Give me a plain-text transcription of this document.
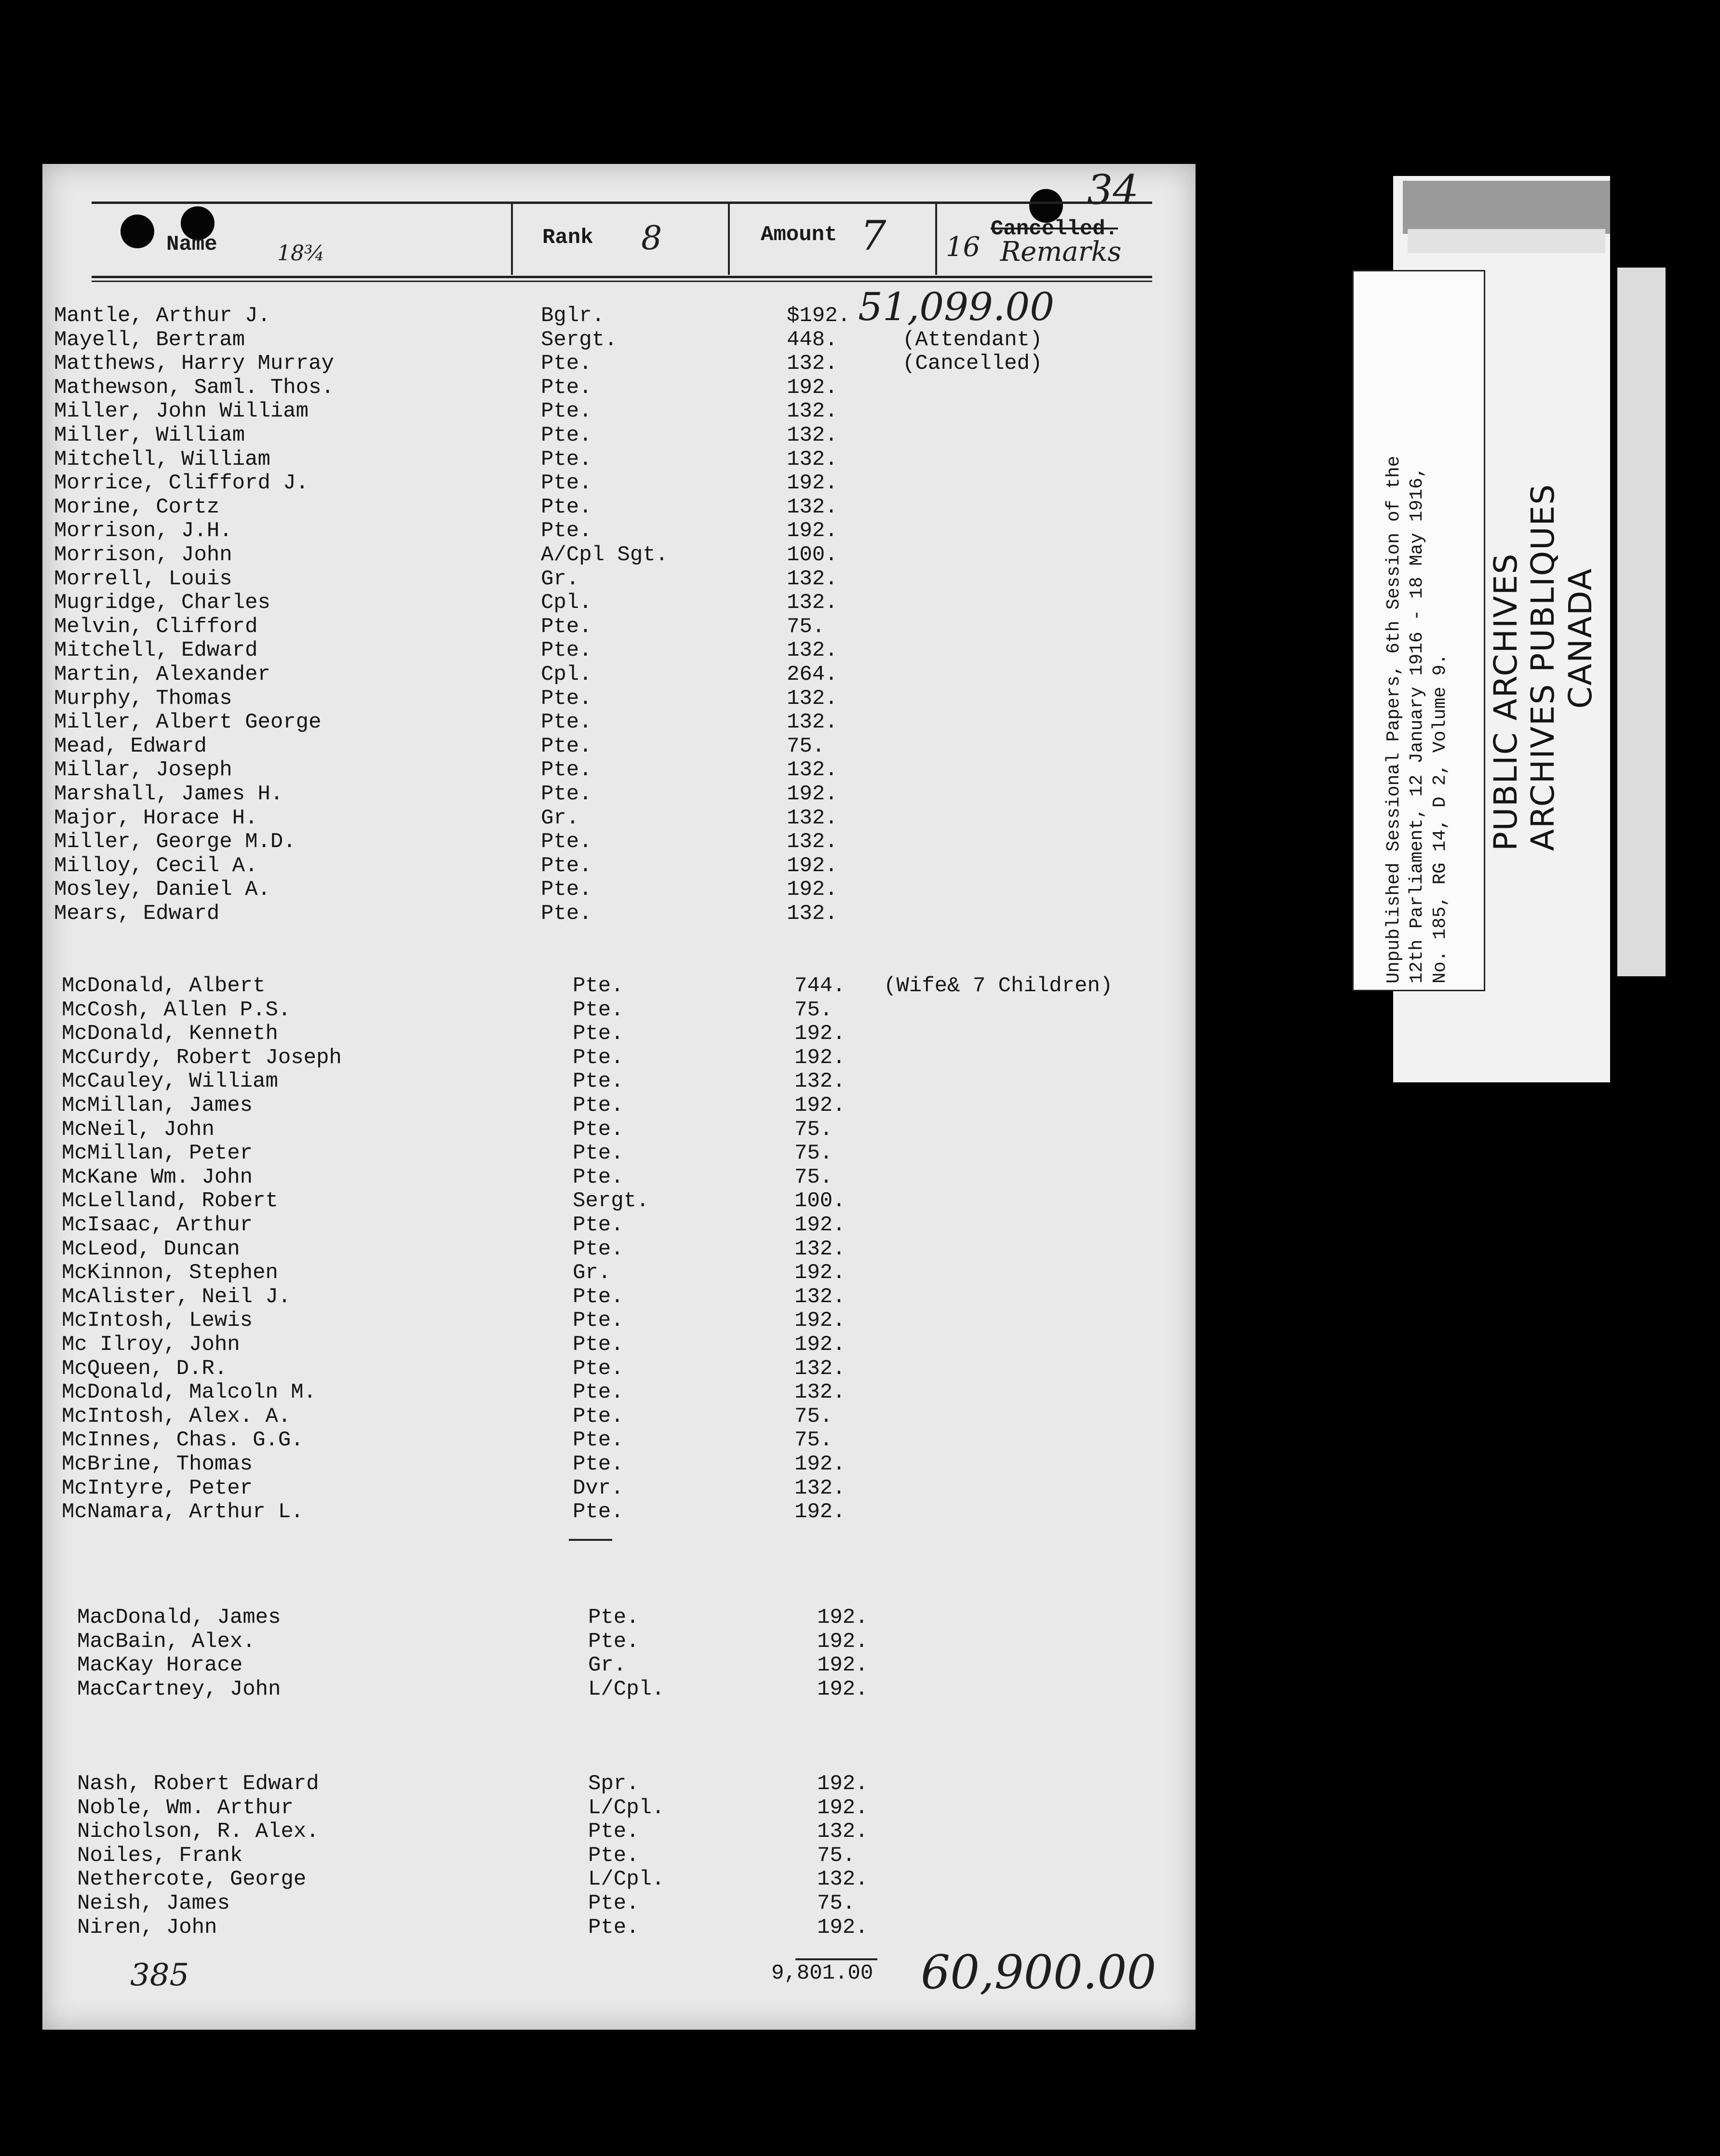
Name	Rank	Amount	Cancelled.
34
Remarks
18¾	8	7 16
51,099.00
60,900.00
385
Mantle, Arthur J.	Bglr.	$192.
Mayell, Bertram	Sergt.	448.	(Attendant)
Matthews, Harry Murray	Pte.	132.	(Cancelled)
Mathewson, Saml. Thos.	Pte.	192.
Miller, John William	Pte.	132.
Miller, William	Pte.	132.
Mitchell, William	Pte.	132.
Morrice, Clifford J.	Pte.	192.
Morine, Cortz	Pte.	132.
Morrison, J.H.	Pte.	192.
Morrison, John	A/Cpl Sgt.	100.
Morrell, Louis	Gr.	132.
Mugridge, Charles	Cpl.	132.
Melvin, Clifford	Pte.	75.
Mitchell, Edward	Pte.	132.
Martin, Alexander	Cpl.	264.
Murphy, Thomas	Pte.	132.
Miller, Albert George	Pte.	132.
Mead, Edward	Pte.	75.
Millar, Joseph	Pte.	132.
Marshall, James H.	Pte.	192.
Major, Horace H.	Gr.	132.
Miller, George M.D.	Pte.	132.
Milloy, Cecil A.	Pte.	192.
Mosley, Daniel A.	Pte.	192.
Mears, Edward	Pte.	132.
McDonald, Albert	Pte.	744. (Wife& 7 Children)
McCosh, Allen P.S.	Pte.	75.
McDonald, Kenneth	Pte.	192.
McCurdy, Robert Joseph	Pte.	192.
McCauley, William	Pte.	132.
McMillan, James	Pte.	192.
McNeil, John	Pte.	75.
McMillan, Peter	Pte.	75.
McKane Wm. John	Pte.	75.
McLelland, Robert	Sergt.	100.
McIsaac, Arthur	Pte.	192.
McLeod, Duncan	Pte.	132.
McKinnon, Stephen	Gr.	192.
McAlister, Neil J.	Pte.	132.
McIntosh, Lewis	Pte.	192.
Mc Ilroy, John	Pte.	192.
McQueen, D.R.	Pte.	132.
McDonald, Malcoln M.	Pte.	132.
McIntosh, Alex. A.	Pte.	75.
McInnes, Chas. G.G.	Pte.	75.
McBrine, Thomas	Pte.	192.
McIntyre, Peter	Dvr.	132.
McNamara, Arthur L.	Pte.	192.
MacDonald, James	Pte.	192.
MacBain, Alex.	Pte.	192.
MacKay Horace	Gr.	192.
MacCartney, John	L/Cpl.	192.
Nash, Robert Edward	Spr.	192.
Noble, Wm. Arthur	L/Cpl.	192.
Nicholson, R. Alex.	Pte.	132.
Noiles, Frank	Pte.	75.
Nethercote, George	L/Cpl.	132.
Neish, James	Pte.	75.
Niren, John	Pte.	192.
9,801.00
Unpublished Sessional Papers, 6th Session of the 12th Parliament, 12 January 1916 - 18 May 1916, No. 185, RG 14, D 2, Volume 9. PUBLIC ARCHIVES ARCHIVES PUBLIQUES CANADA
